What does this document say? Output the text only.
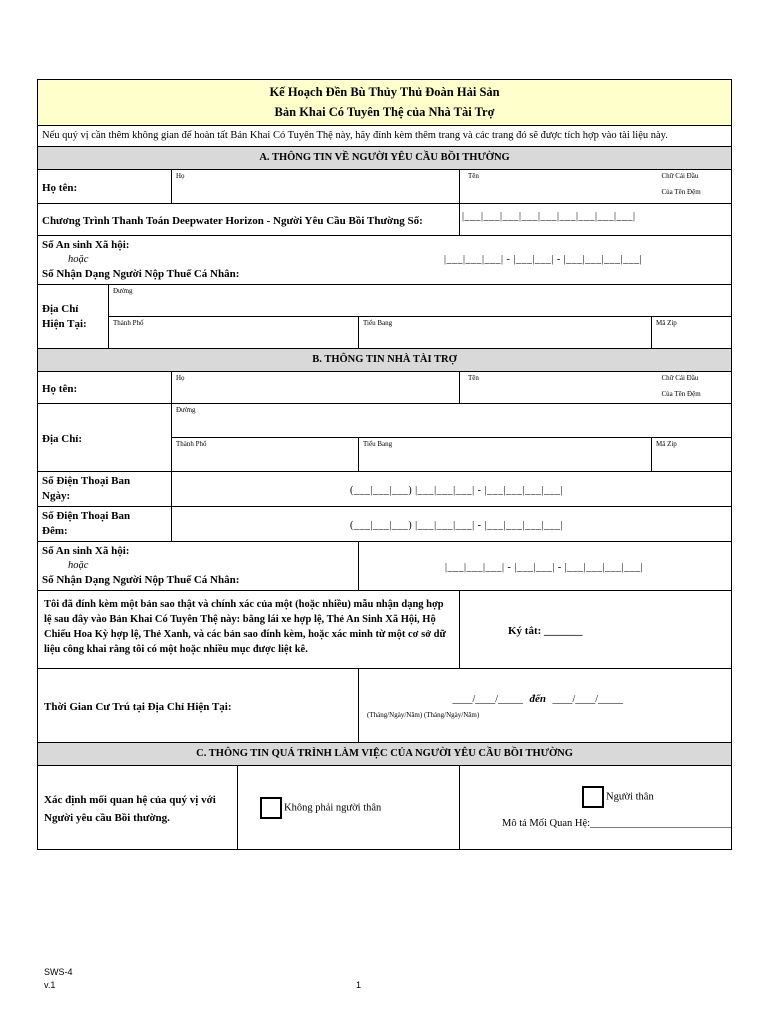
Kế Hoạch Đền Bù Thủy Thủ Đoàn Hải Sản
Bản Khai Có Tuyên Thệ của Nhà Tài Trợ						

Nếu quý vị cần thêm không gian để hoàn tất Bản Khai Có Tuyên Thệ này, hãy đính kèm thêm trang và các trang đó sẽ được tích hợp vào tài liệu này.						
A. THÔNG TIN VỀ NGƯỜI YÊU CẦU BỒI THƯỜNG						
Họ tên:		Họ			Tên	Chữ Cái Đầu
Của Tên Đệm

Chương Trình Thanh Toán Deepwater Horizon - Người Yêu Cầu Bồi Thường Số:					|___|___|___|___|___|___|___|___|___|	

Số An sinh Xã hội:
hoặc
Số Nhận Dạng Người Nộp Thuế Cá Nhân:
|___|___|___| - |___|___| - |___|___|___|___|						

Địa Chỉ
Hiện Tại:	Đường					

	Thành Phố			Tiểu Bang		Mã Zip

B. THÔNG TIN NHÀ TÀI TRỢ						
Họ tên:		Họ			Tên	Chữ Cái Đầu
Của Tên Đệm

Địa Chỉ:		Đường				

		Thành Phố		Tiểu Bang		Mã Zip

Số Điện Thoại Ban
Ngày:		(___|___|___) |___|___|___| - |___|___|___|___|				

Số Điện Thoại Ban
Đêm:		(___|___|___) |___|___|___| - |___|___|___|___|				

Số An sinh Xã hội:
hoặc
Số Nhận Dạng Người Nộp Thuế Cá Nhân:				|___|___|___| - |___|___| - |___|___|___|___|		
Tôi đã đính kèm một bản sao thật và chính xác của một (hoặc nhiều) mẫu nhận dạng hợp lệ sau đây vào Bản Khai Có Tuyên Thệ này: bằng lái xe hợp lệ, Thẻ An Sinh Xã Hội, Hộ Chiếu Hoa Kỳ hợp lệ, Thẻ Xanh, và các bản sao đính kèm, hoặc xác minh từ một cơ sở dữ liệu công khai rằng tôi có một hoặc nhiều mục được liệt kê.					Ký tắt: _______	
Thời Gian Cư Trú tại Địa Chỉ Hiện Tại:				____/____/_____ đến ____/____/_____
(Tháng/Ngày/Năm) (Tháng/Ngày/Năm)		

C. THÔNG TIN QUÁ TRÌNH LÀM VIỆC CỦA NGƯỜI YÊU CẦU BỒI THƯỜNG						
Xác định mối quan hệ của quý vị với Người yêu cầu Bồi thường.			Không phải người thân		Người thân
Mô tả Mối Quan Hệ:___________________________	
SWS-4
v.1	1
